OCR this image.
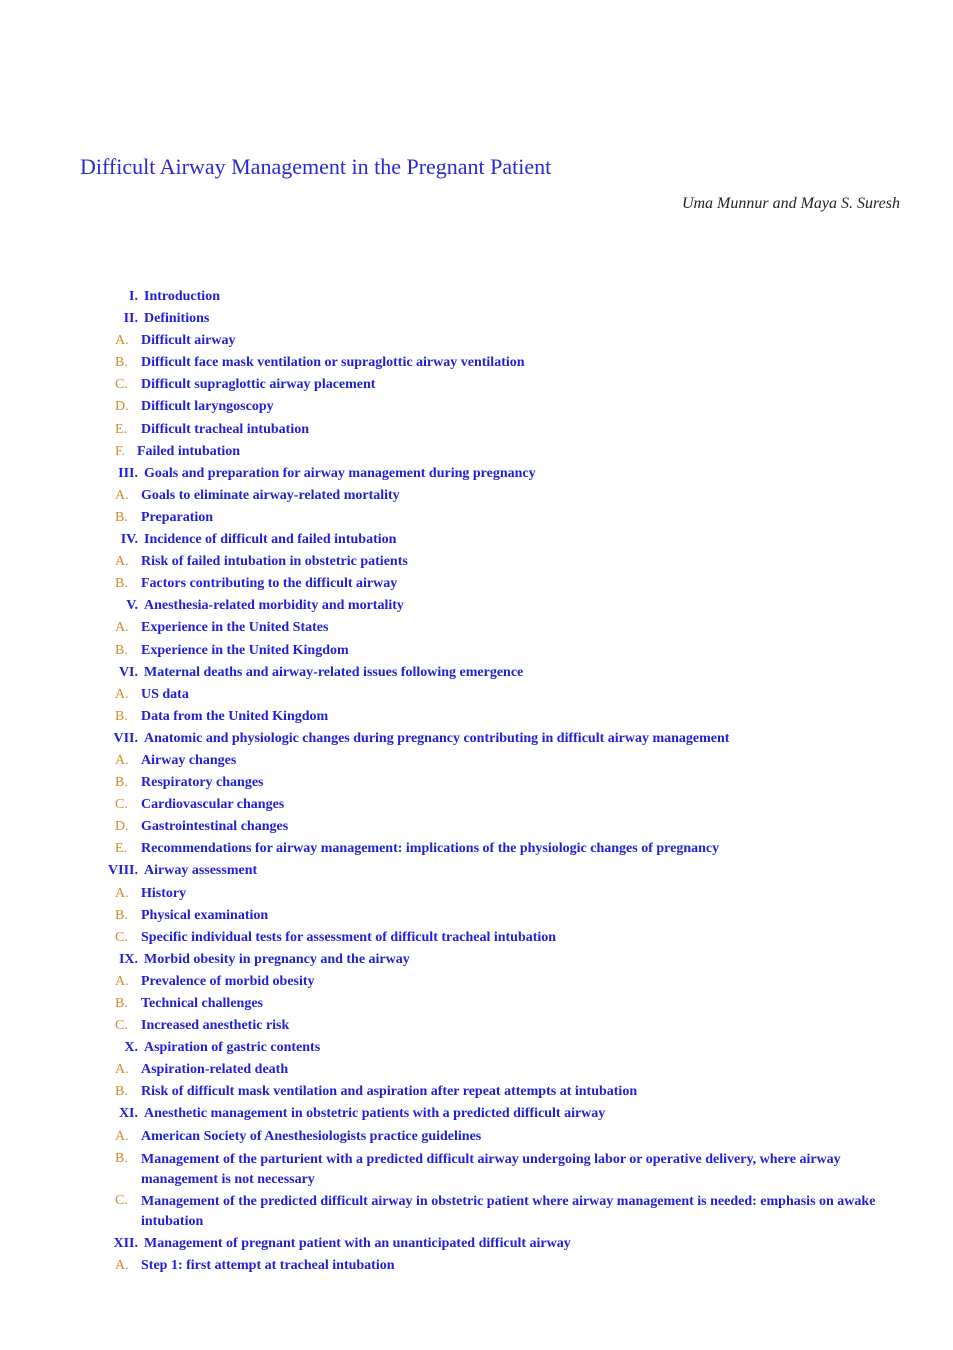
Difficult Airway Management in the Pregnant Patient
Uma Munnur and Maya S. Suresh
I. Introduction
II. Definitions
A. Difficult airway
B. Difficult face mask ventilation or supraglottic airway ventilation
C. Difficult supraglottic airway placement
D. Difficult laryngoscopy
E. Difficult tracheal intubation
F. Failed intubation
III. Goals and preparation for airway management during pregnancy
A. Goals to eliminate airway-related mortality
B. Preparation
IV. Incidence of difficult and failed intubation
A. Risk of failed intubation in obstetric patients
B. Factors contributing to the difficult airway
V. Anesthesia-related morbidity and mortality
A. Experience in the United States
B. Experience in the United Kingdom
VI. Maternal deaths and airway-related issues following emergence
A. US data
B. Data from the United Kingdom
VII. Anatomic and physiologic changes during pregnancy contributing in difficult airway management
A. Airway changes
B. Respiratory changes
C. Cardiovascular changes
D. Gastrointestinal changes
E. Recommendations for airway management: implications of the physiologic changes of pregnancy
VIII. Airway assessment
A. History
B. Physical examination
C. Specific individual tests for assessment of difficult tracheal intubation
IX. Morbid obesity in pregnancy and the airway
A. Prevalence of morbid obesity
B. Technical challenges
C. Increased anesthetic risk
X. Aspiration of gastric contents
A. Aspiration-related death
B. Risk of difficult mask ventilation and aspiration after repeat attempts at intubation
XI. Anesthetic management in obstetric patients with a predicted difficult airway
A. American Society of Anesthesiologists practice guidelines
B. Management of the parturient with a predicted difficult airway undergoing labor or operative delivery, where airway management is not necessary
C. Management of the predicted difficult airway in obstetric patient where airway management is needed: emphasis on awake intubation
XII. Management of pregnant patient with an unanticipated difficult airway
A. Step 1: first attempt at tracheal intubation
